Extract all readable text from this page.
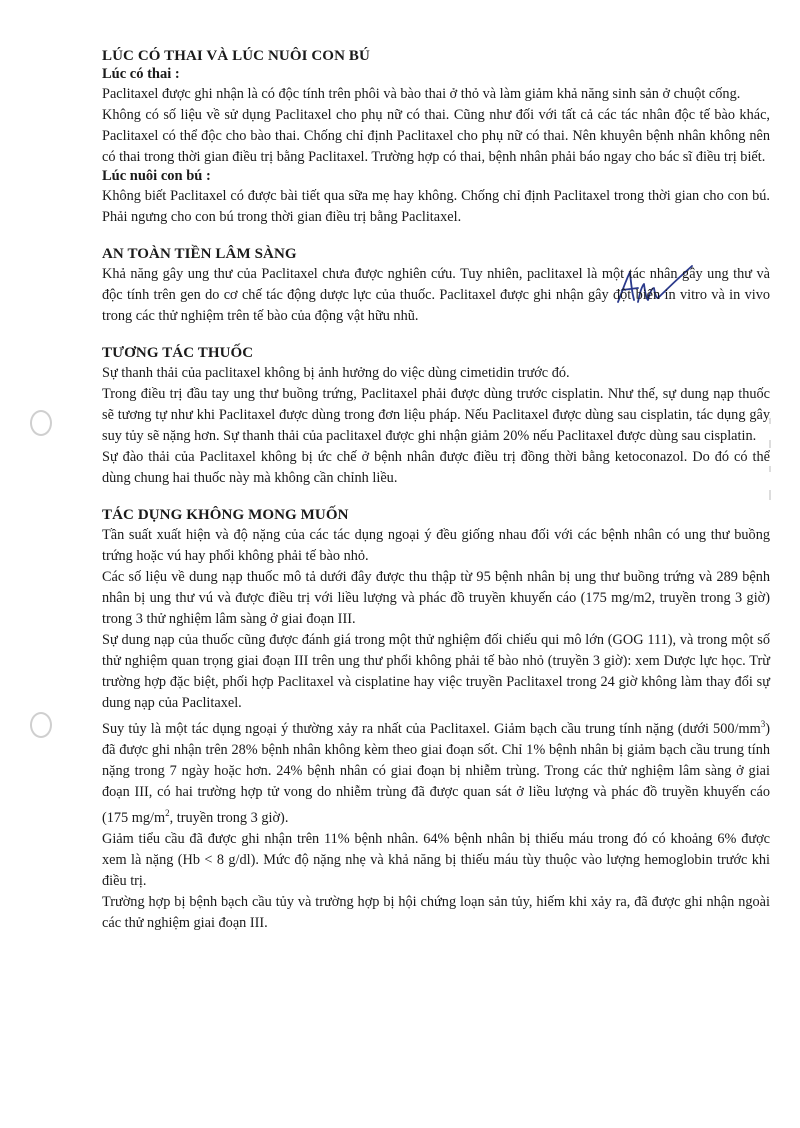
LÚC CÓ THAI VÀ LÚC NUÔI CON BÚ
Lúc có thai :

Paclitaxel được ghi nhận là có độc tính trên phôi và bào thai ở thỏ và làm giảm khả năng sinh sản ở chuột cống.

Không có số liệu về sử dụng Paclitaxel cho phụ nữ có thai. Cũng như đối với tất cả các tác nhân độc tế bào khác, Paclitaxel có thể độc cho bào thai. Chống chỉ định Paclitaxel cho phụ nữ có thai. Nên khuyên bệnh nhân không nên có thai trong thời gian điều trị bằng Paclitaxel. Trường hợp có thai, bệnh nhân phải báo ngay cho bác sĩ điều trị biết.

Lúc nuôi con bú :

Không biết Paclitaxel có được bài tiết qua sữa mẹ hay không. Chống chỉ định Paclitaxel trong thời gian cho con bú. Phải ngưng cho con bú trong thời gian điều trị bằng Paclitaxel.

AN TOÀN TIỀN LÂM SÀNG

Khả năng gây ung thư của Paclitaxel chưa được nghiên cứu. Tuy nhiên, paclitaxel là một tác nhân gây ung thư và độc tính trên gen do cơ chế tác động dược lực của thuốc. Paclitaxel được ghi nhận gây đột biến in vitro và in vivo trong các thử nghiệm trên tế bào của động vật hữu nhũ.

TƯƠNG TÁC THUỐC

Sự thanh thải của paclitaxel không bị ảnh hưởng do việc dùng cimetidin trước đó.

Trong điều trị đầu tay ung thư buồng trứng, Paclitaxel phải được dùng trước cisplatin. Như thế, sự dung nạp thuốc sẽ tương tự như khi Paclitaxel được dùng trong đơn liệu pháp. Nếu Paclitaxel được dùng sau cisplatin, tác dụng gây suy tủy sẽ nặng hơn. Sự thanh thải của paclitaxel được ghi nhận giảm 20% nếu Paclitaxel được dùng sau cisplatin.

Sự đào thải của Paclitaxel không bị ức chế ở bệnh nhân được điều trị đồng thời bằng ketoconazol. Do đó có thể dùng chung hai thuốc này mà không cần chỉnh liều.

TÁC DỤNG KHÔNG MONG MUỐN

Tần suất xuất hiện và độ nặng của các tác dụng ngoại ý đều giống nhau đối với các bệnh nhân có ung thư buồng trứng hoặc vú hay phổi không phải tế bào nhỏ.

Các số liệu về dung nạp thuốc mô tả dưới đây được thu thập từ 95 bệnh nhân bị ung thư buồng trứng và 289 bệnh nhân bị ung thư vú và được điều trị với liều lượng và phác đồ truyền khuyến cáo (175 mg/m2, truyền trong 3 giờ) trong 3 thử nghiệm lâm sàng ở giai đoạn III.

Sự dung nạp của thuốc cũng được đánh giá trong một thử nghiệm đối chiếu qui mô lớn (GOG 111), và trong một số thử nghiệm quan trọng giai đoạn III trên ung thư phổi không phải tế bào nhỏ (truyền 3 giờ): xem Dược lực học. Trừ trường hợp đặc biệt, phối hợp Paclitaxel và cisplatine hay việc truyền Paclitaxel trong 24 giờ không làm thay đổi sự dung nạp của Paclitaxel.

Suy tủy là một tác dụng ngoại ý thường xảy ra nhất của Paclitaxel. Giảm bạch cầu trung tính nặng (dưới $500/mm^3$) đã được ghi nhận trên 28% bệnh nhân không kèm theo giai đoạn sốt. Chỉ 1% bệnh nhân bị giảm bạch cầu trung tính nặng trong 7 ngày hoặc hơn. 24% bệnh nhân có giai đoạn bị nhiễm trùng. Trong các thử nghiệm lâm sàng ở giai đoạn III, có hai trường hợp tử vong do nhiễm trùng đã được quan sát ở liều lượng và phác đồ truyền khuyến cáo (175 $mg/m^2$, truyền trong 3 giờ).

Giảm tiểu cầu đã được ghi nhận trên 11% bệnh nhân. 64% bệnh nhân bị thiếu máu trong đó có khoảng 6% được xem là nặng (Hb < 8 g/dl). Mức độ nặng nhẹ và khả năng bị thiếu máu tùy thuộc vào lượng hemoglobin trước khi điều trị.

Trường hợp bị bệnh bạch cầu tủy và trường hợp bị hội chứng loạn sản tủy, hiếm khi xảy ra, đã được ghi nhận ngoài các thử nghiệm giai đoạn III.
